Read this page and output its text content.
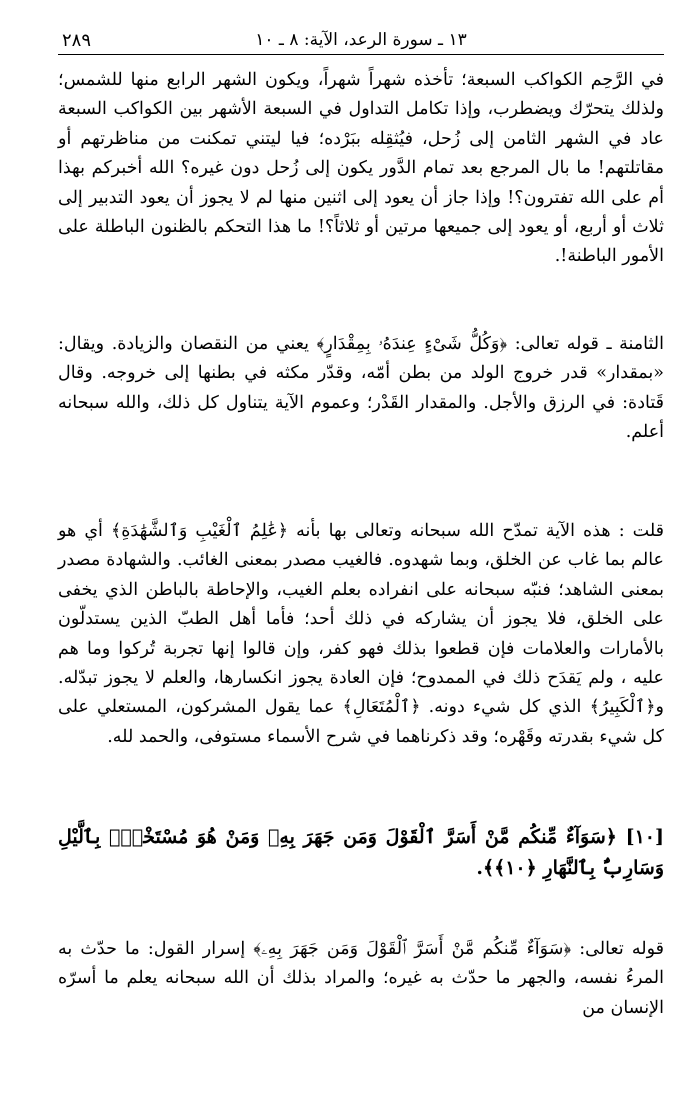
١٣ ـ سورة الرعد، الآية: ٨ ـ ١٠
٢٨٩
في الرَّحِم الكواكب السبعة؛ تأخذه شهراً شهراً، ويكون الشهر الرابع منها للشمس؛ ولذلك يتحرّك ويضطرب، وإذا تكامل التداول في السبعة الأشهر بين الكواكب السبعة عاد في الشهر الثامن إلى زُحل، فيُثقِله ببَرْده؛ فيا ليتني تمكنت من مناظرتهم أو مقاتلتهم! ما بال المرجع بعد تمام الدَّور يكون إلى زُحل دون غيره؟ الله أخبركم بهذا أم على الله تفترون؟! وإذا جاز أن يعود إلى اثنين منها لم لا يجوز أن يعود التدبير إلى ثلاث أو أربع، أو يعود إلى جميعها مرتين أو ثلاثاً؟! ما هذا التحكم بالظنون الباطلة على الأمور الباطنة!.
الثامنة ـ قوله تعالى: ﴿وَكُلُّ شَىْءٍ عِندَهُۥ بِمِقْدَارٍ﴾ يعني من النقصان والزيادة. ويقال: «بمقدار» قدر خروج الولد من بطن أمّه، وقدّر مكثه في بطنها إلى خروجه. وقال قَتادة: في الرزق والأجل. والمقدار القَدْر؛ وعموم الآية يتناول كل ذلك، والله سبحانه أعلم.
قلت : هذه الآية تمدّح الله سبحانه وتعالى بها بأنه ﴿عَٰلِمُ ٱلْغَيْبِ وَٱلشَّهَٰدَةِ﴾ أي هو عالم بما غاب عن الخلق، وبما شهدوه. فالغيب مصدر بمعنى الغائب. والشهادة مصدر بمعنى الشاهد؛ فنبّه سبحانه على انفراده بعلم الغيب، والإحاطة بالباطن الذي يخفى على الخلق، فلا يجوز أن يشاركه في ذلك أحد؛ فأما أهل الطبّ الذين يستدلّون بالأمارات والعلامات فإن قطعوا بذلك فهو كفر، وإن قالوا إنها تجربة تُركوا وما هم عليه ، ولم يَقدَح ذلك في الممدوح؛ فإن العادة يجوز انكسارها، والعلم لا يجوز تبدّله. و﴿ٱلْكَبِيرُ﴾ الذي كل شيء دونه. ﴿ٱلْمُتَعَالِ﴾ عما يقول المشركون، المستعلي على كل شيء بقدرته وقَهْره؛ وقد ذكرناهما في شرح الأسماء مستوفى، والحمد لله.
[١٠] ﴿سَوَآءٌ مِّنكُم مَّنْ أَسَرَّ ٱلْقَوْلَ وَمَن جَهَرَ بِهِۦ وَمَنْ هُوَ مُسْتَخْفٍۭ بِٱلَّيْلِ وَسَارِبٌۢ بِٱلنَّهَارِ ﴿١٠﴾﴾.
قوله تعالى: ﴿سَوَآءٌ مِّنكُم مَّنْ أَسَرَّ ٱلْقَوْلَ وَمَن جَهَرَ بِهِۦ﴾ إسرار القول: ما حدّث به المرءُ نفسه، والجهر ما حدّث به غيره؛ والمراد بذلك أن الله سبحانه يعلم ما أسرّه الإنسان من
